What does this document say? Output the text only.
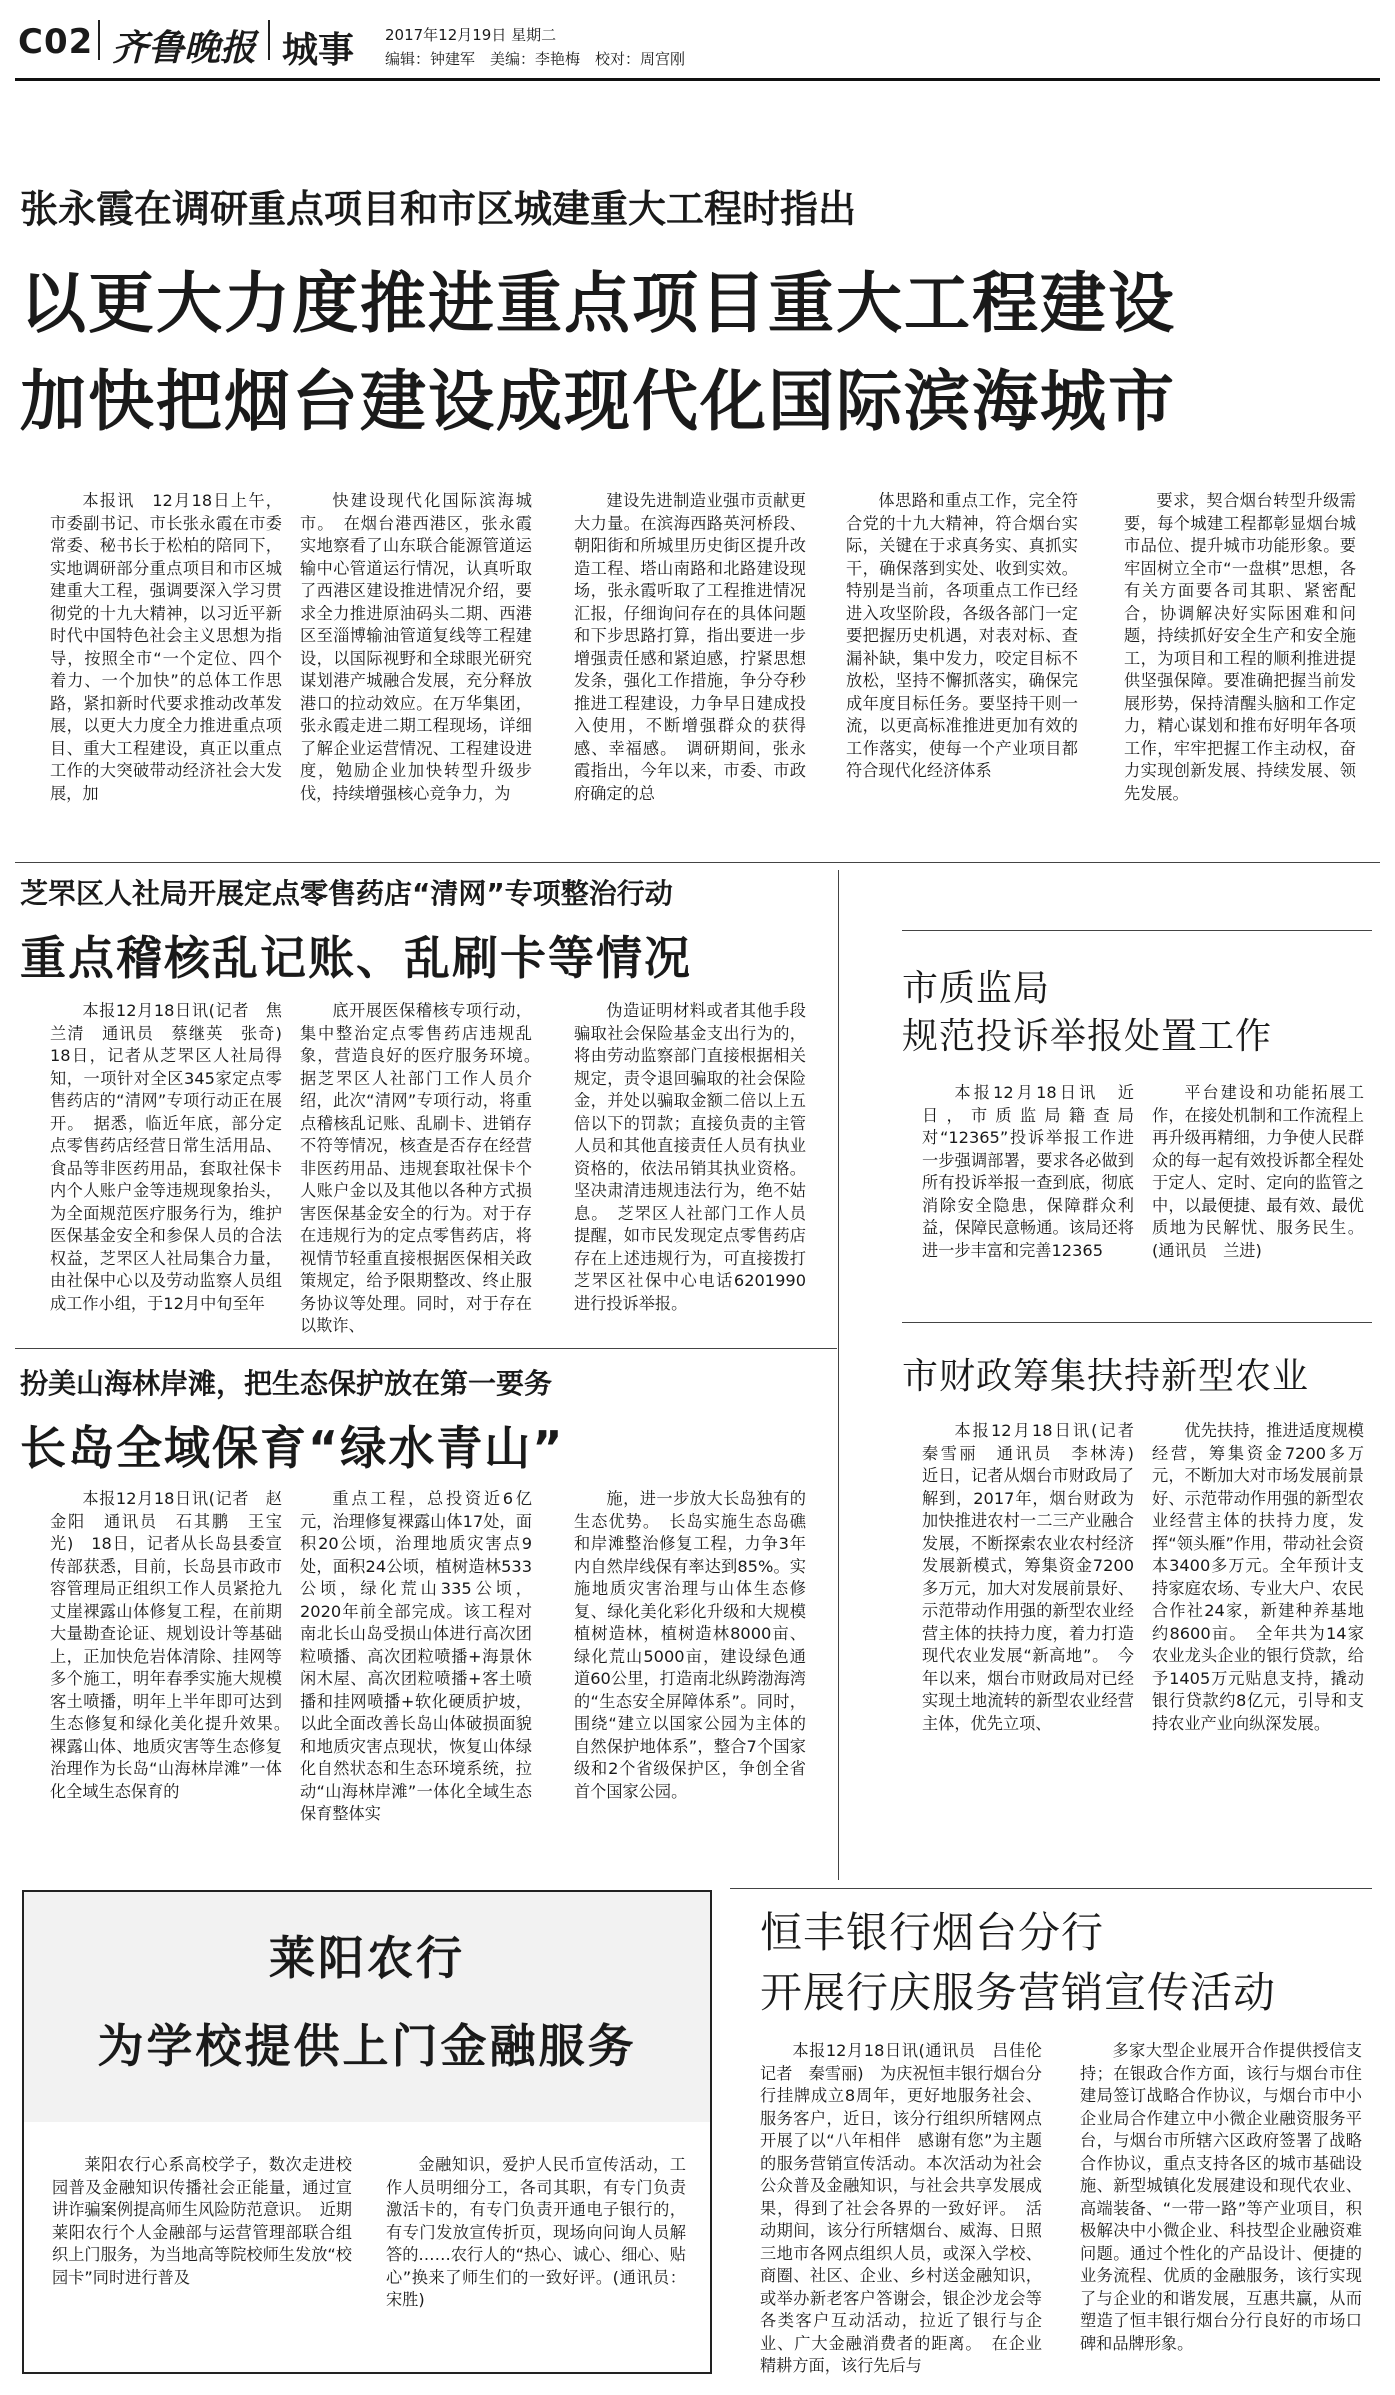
C02 齐鲁晚报 城事 2017年12月19日 星期二
编辑：钟建军　美编：李艳梅　校对：周宫刚
张永霞在调研重点项目和市区城建重大工程时指出
以更大力度推进重点项目重大工程建设
加快把烟台建设成现代化国际滨海城市

本报讯　12月18日上午，市委副书记、市长张永霞在市委常委、秘书长于松柏的陪同下，实地调研部分重点项目和市区城建重大工程，强调要深入学习贯彻党的十九大精神，以习近平新时代中国特色社会主义思想为指导，按照全市“一个定位、四个着力、一个加快”的总体工作思路，紧扣新时代要求推动改革发展，以更大力度全力推进重点项目、重大工程建设，真正以重点工作的大突破带动经济社会大发展，加

快建设现代化国际滨海城市。　在烟台港西港区，张永霞实地察看了山东联合能源管道运输中心管道运行情况，认真听取了西港区建设推进情况介绍，要求全力推进原油码头二期、西港区至淄博输油管道复线等工程建设，以国际视野和全球眼光研究谋划港产城融合发展，充分释放港口的拉动效应。在万华集团，张永霞走进二期工程现场，详细了解企业运营情况、工程建设进度，勉励企业加快转型升级步伐，持续增强核心竞争力，为

建设先进制造业强市贡献更大力量。在滨海西路英河桥段、朝阳街和所城里历史街区提升改造工程、塔山南路和北路建设现场，张永霞听取了工程推进情况汇报，仔细询问存在的具体问题和下步思路打算，指出要进一步增强责任感和紧迫感，拧紧思想发条，强化工作措施，争分夺秒推进工程建设，力争早日建成投入使用，不断增强群众的获得感、幸福感。　调研期间，张永霞指出，今年以来，市委、市政府确定的总

体思路和重点工作，完全符合党的十九大精神，符合烟台实际，关键在于求真务实、真抓实干，确保落到实处、收到实效。特别是当前，各项重点工作已经进入攻坚阶段，各级各部门一定要把握历史机遇，对表对标、查漏补缺，集中发力，咬定目标不放松，坚持不懈抓落实，确保完成年度目标任务。要坚持干则一流，以更高标准推进更加有效的工作落实，使每一个产业项目都符合现代化经济体系

要求，契合烟台转型升级需要，每个城建工程都彰显烟台城市品位、提升城市功能形象。要牢固树立全市“一盘棋”思想，各有关方面要各司其职、紧密配合，协调解决好实际困难和问题，持续抓好安全生产和安全施工，为项目和工程的顺利推进提供坚强保障。要准确把握当前发展形势，保持清醒头脑和工作定力，精心谋划和推布好明年各项工作，牢牢把握工作主动权，奋力实现创新发展、持续发展、领先发展。

芝罘区人社局开展定点零售药店“清网”专项整治行动
重点稽核乱记账、乱刷卡等情况

本报12月18日讯(记者　焦兰清　通讯员　蔡继英　张奇)　18日，记者从芝罘区人社局得知，一项针对全区345家定点零售药店的“清网”专项行动正在展开。　据悉，临近年底，部分定点零售药店经营日常生活用品、食品等非医药用品，套取社保卡内个人账户金等违规现象抬头，为全面规范医疗服务行为，维护医保基金安全和参保人员的合法权益，芝罘区人社局集合力量，由社保中心以及劳动监察人员组成工作小组，于12月中旬至年

底开展医保稽核专项行动，集中整治定点零售药店违规乱象，营造良好的医疗服务环境。　据芝罘区人社部门工作人员介绍，此次“清网”专项行动，将重点稽核乱记账、乱刷卡、进销存不符等情况，核查是否存在经营非医药用品、违规套取社保卡个人账户金以及其他以各种方式损害医保基金安全的行为。对于存在违规行为的定点零售药店，将视情节轻重直接根据医保相关政策规定，给予限期整改、终止服务协议等处理。同时，对于存在以欺诈、

伪造证明材料或者其他手段骗取社会保险基金支出行为的，将由劳动监察部门直接根据相关规定，责令退回骗取的社会保险金，并处以骗取金额二倍以上五倍以下的罚款；直接负责的主管人员和其他直接责任人员有执业资格的，依法吊销其执业资格。坚决肃清违规违法行为，绝不姑息。　芝罘区人社部门工作人员提醒，如市民发现定点零售药店存在上述违规行为，可直接拨打芝罘区社保中心电话6201990进行投诉举报。

市质监局
规范投诉举报处置工作

本报12月18日讯　近日，市质监局籍查局对“12365”投诉举报工作进一步强调部署，要求各必做到所有投诉举报一查到底，彻底消除安全隐患，保障群众利益，保障民意畅通。该局还将进一步丰富和完善12365

平台建设和功能拓展工作，在接处机制和工作流程上再升级再精细，力争使人民群众的每一起有效投诉都全程处于定人、定时、定向的监管之中，以最便捷、最有效、最优质地为民解忧、服务民生。(通讯员　兰进)

市财政筹集扶持新型农业

本报12月18日讯(记者　秦雪丽　通讯员　李林涛)　近日，记者从烟台市财政局了解到，2017年，烟台财政为加快推进农村一二三产业融合发展，不断探索农业农村经济发展新模式，筹集资金7200多万元，加大对发展前景好、示范带动作用强的新型农业经营主体的扶持力度，着力打造现代农业发展“新高地”。　今年以来，烟台市财政局对已经实现土地流转的新型农业经营主体，优先立项、

优先扶持，推进适度规模经营，筹集资金7200多万元，不断加大对市场发展前景好、示范带动作用强的新型农业经营主体的扶持力度，发挥“领头雁”作用，带动社会资本3400多万元。全年预计支持家庭农场、专业大户、农民合作社24家，新建种养基地约8600亩。　全年共为14家农业龙头企业的银行贷款，给予1405万元贴息支持，撬动银行贷款约8亿元，引导和支持农业产业向纵深发展。

扮美山海林岸滩，把生态保护放在第一要务
长岛全域保育“绿水青山”

本报12月18日讯(记者　赵金阳　通讯员　石其鹏　王宝光)　18日，记者从长岛县委宣传部获悉，目前，长岛县市政市容管理局正组织工作人员紧抢九丈崖裸露山体修复工程，在前期大量勘查论证、规划设计等基础上，正加快危岩体清除、挂网等多个施工，明年春季实施大规模客土喷播，明年上半年即可达到生态修复和绿化美化提升效果。　裸露山体、地质灾害等生态修复治理作为长岛“山海林岸滩”一体化全域生态保育的

重点工程，总投资近6亿元，治理修复裸露山体17处，面积20公顷，治理地质灾害点9处，面积24公顷，植树造林533公顷，绿化荒山335公顷，2020年前全部完成。该工程对南北长山岛受损山体进行高次团粒喷播、高次团粒喷播+海景休闲木屋、高次团粒喷播+客土喷播和挂网喷播+软化硬质护坡，以此全面改善长岛山体破损面貌和地质灾害点现状，恢复山体绿化自然状态和生态环境系统，拉动“山海林岸滩”一体化全域生态保育整体实

施，进一步放大长岛独有的生态优势。　长岛实施生态岛礁和岸滩整治修复工程，力争3年内自然岸线保有率达到85%。实施地质灾害治理与山体生态修复、绿化美化彩化升级和大规模植树造林，植树造林8000亩、绿化荒山5000亩，建设绿色通道60公里，打造南北纵跨渤海湾的“生态安全屏障体系”。同时，围绕“建立以国家公园为主体的自然保护地体系”，整合7个国家级和2个省级保护区，争创全省首个国家公园。

莱阳农行
为学校提供上门金融服务

莱阳农行心系高校学子，数次走进校园普及金融知识传播社会正能量，通过宣讲诈骗案例提高师生风险防范意识。　近期莱阳农行个人金融部与运营管理部联合组织上门服务，为当地高等院校师生发放“校园卡”同时进行普及

金融知识，爱护人民币宣传活动，工作人员明细分工，各司其职，有专门负责激活卡的，有专门负责开通电子银行的，有专门发放宣传折页，现场向问询人员解答的……农行人的“热心、诚心、细心、贴心”换来了师生们的一致好评。(通讯员：宋胜)

恒丰银行烟台分行
开展行庆服务营销宣传活动

本报12月18日讯(通讯员　吕佳伦　记者　秦雪丽)　为庆祝恒丰银行烟台分行挂牌成立8周年，更好地服务社会、服务客户，近日，该分行组织所辖网点开展了以“八年相伴　感谢有您”为主题的服务营销宣传活动。本次活动为社会公众普及金融知识，与社会共享发展成果，得到了社会各界的一致好评。　活动期间，该分行所辖烟台、威海、日照三地市各网点组织人员，或深入学校、商圈、社区、企业、乡村送金融知识，或举办新老客户答谢会，银企沙龙会等各类客户互动活动，拉近了银行与企业、广大金融消费者的距离。　在企业精耕方面，该行先后与

多家大型企业展开合作提供授信支持；在银政合作方面，该行与烟台市住建局签订战略合作协议，与烟台市中小企业局合作建立中小微企业融资服务平台，与烟台市所辖六区政府签署了战略合作协议，重点支持各区的城市基础设施、新型城镇化发展建设和现代农业、高端装备、“一带一路”等产业项目，积极解决中小微企业、科技型企业融资难问题。通过个性化的产品设计、便捷的业务流程、优质的金融服务，该行实现了与企业的和谐发展，互惠共赢，从而塑造了恒丰银行烟台分行良好的市场口碑和品牌形象。
